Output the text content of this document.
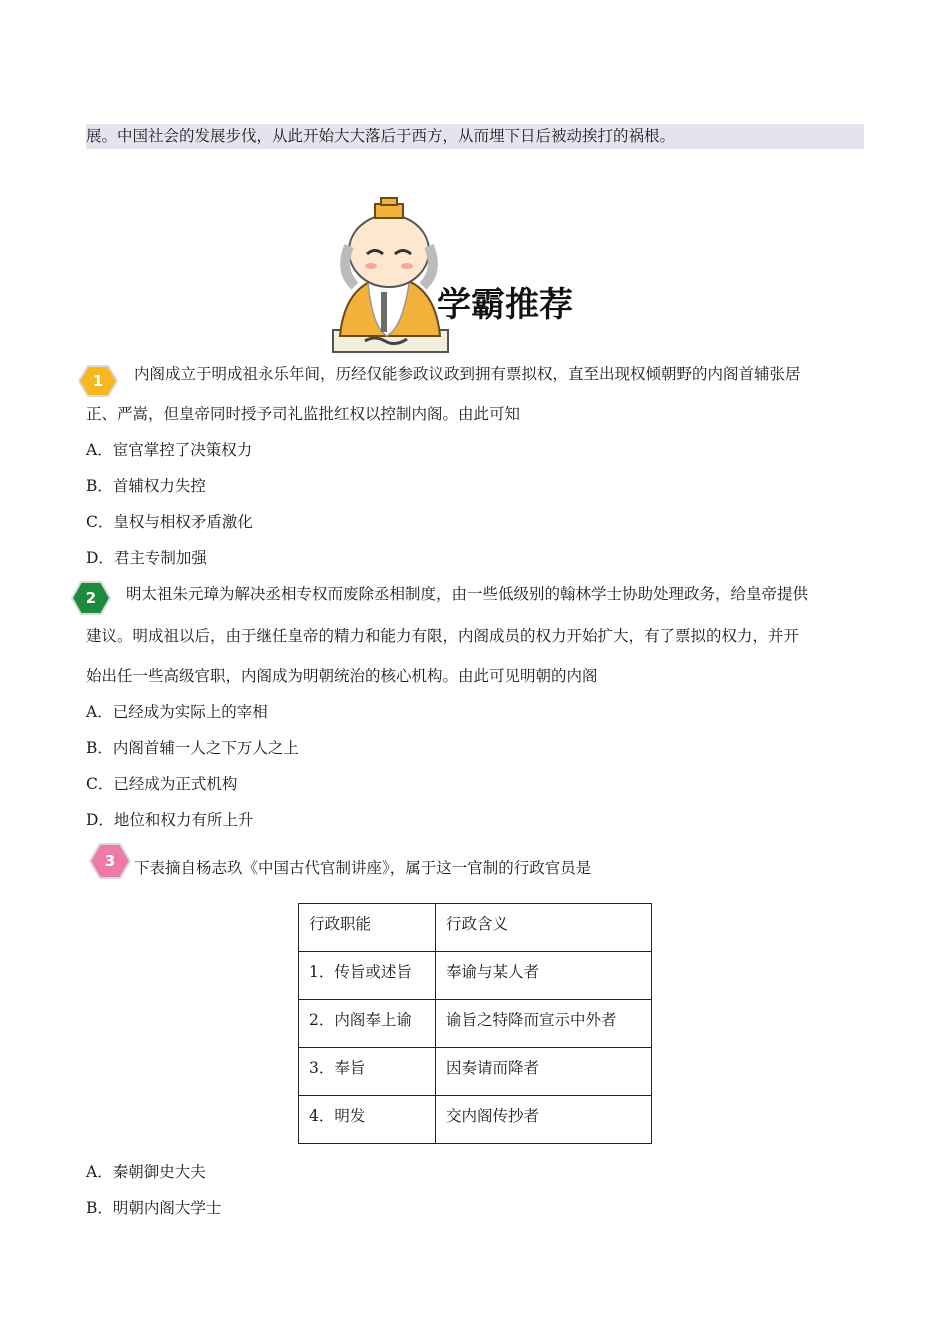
展。中国社会的发展步伐，从此开始大大落后于西方，从而埋下日后被动挨打的祸根。
学霸推荐
1	内阁成立于明成祖永乐年间，历经仅能参政议政到拥有票拟权，直至出现权倾朝野的内阁首辅张居
正、严嵩，但皇帝同时授予司礼监批红权以控制内阁。由此可知
A．宦官掌控了决策权力
B．首辅权力失控
C．皇权与相权矛盾激化
D．君主专制加强
2	明太祖朱元璋为解决丞相专权而废除丞相制度，由一些低级别的翰林学士协助处理政务，给皇帝提供
建议。明成祖以后，由于继任皇帝的精力和能力有限，内阁成员的权力开始扩大，有了票拟的权力，并开
始出任一些高级官职，内阁成为明朝统治的核心机构。由此可见明朝的内阁
A．已经成为实际上的宰相
B．内阁首辅一人之下万人之上
C．已经成为正式机构
D．地位和权力有所上升
3	下表摘自杨志玖《中国古代官制讲座》，属于这一官制的行政官员是
行政职能	行政含义
1．传旨或述旨	奉谕与某人者
2．内阁奉上谕	谕旨之特降而宣示中外者
3．奉旨	因奏请而降者
4．明发	交内阁传抄者
A．秦朝御史大夫
B．明朝内阁大学士
